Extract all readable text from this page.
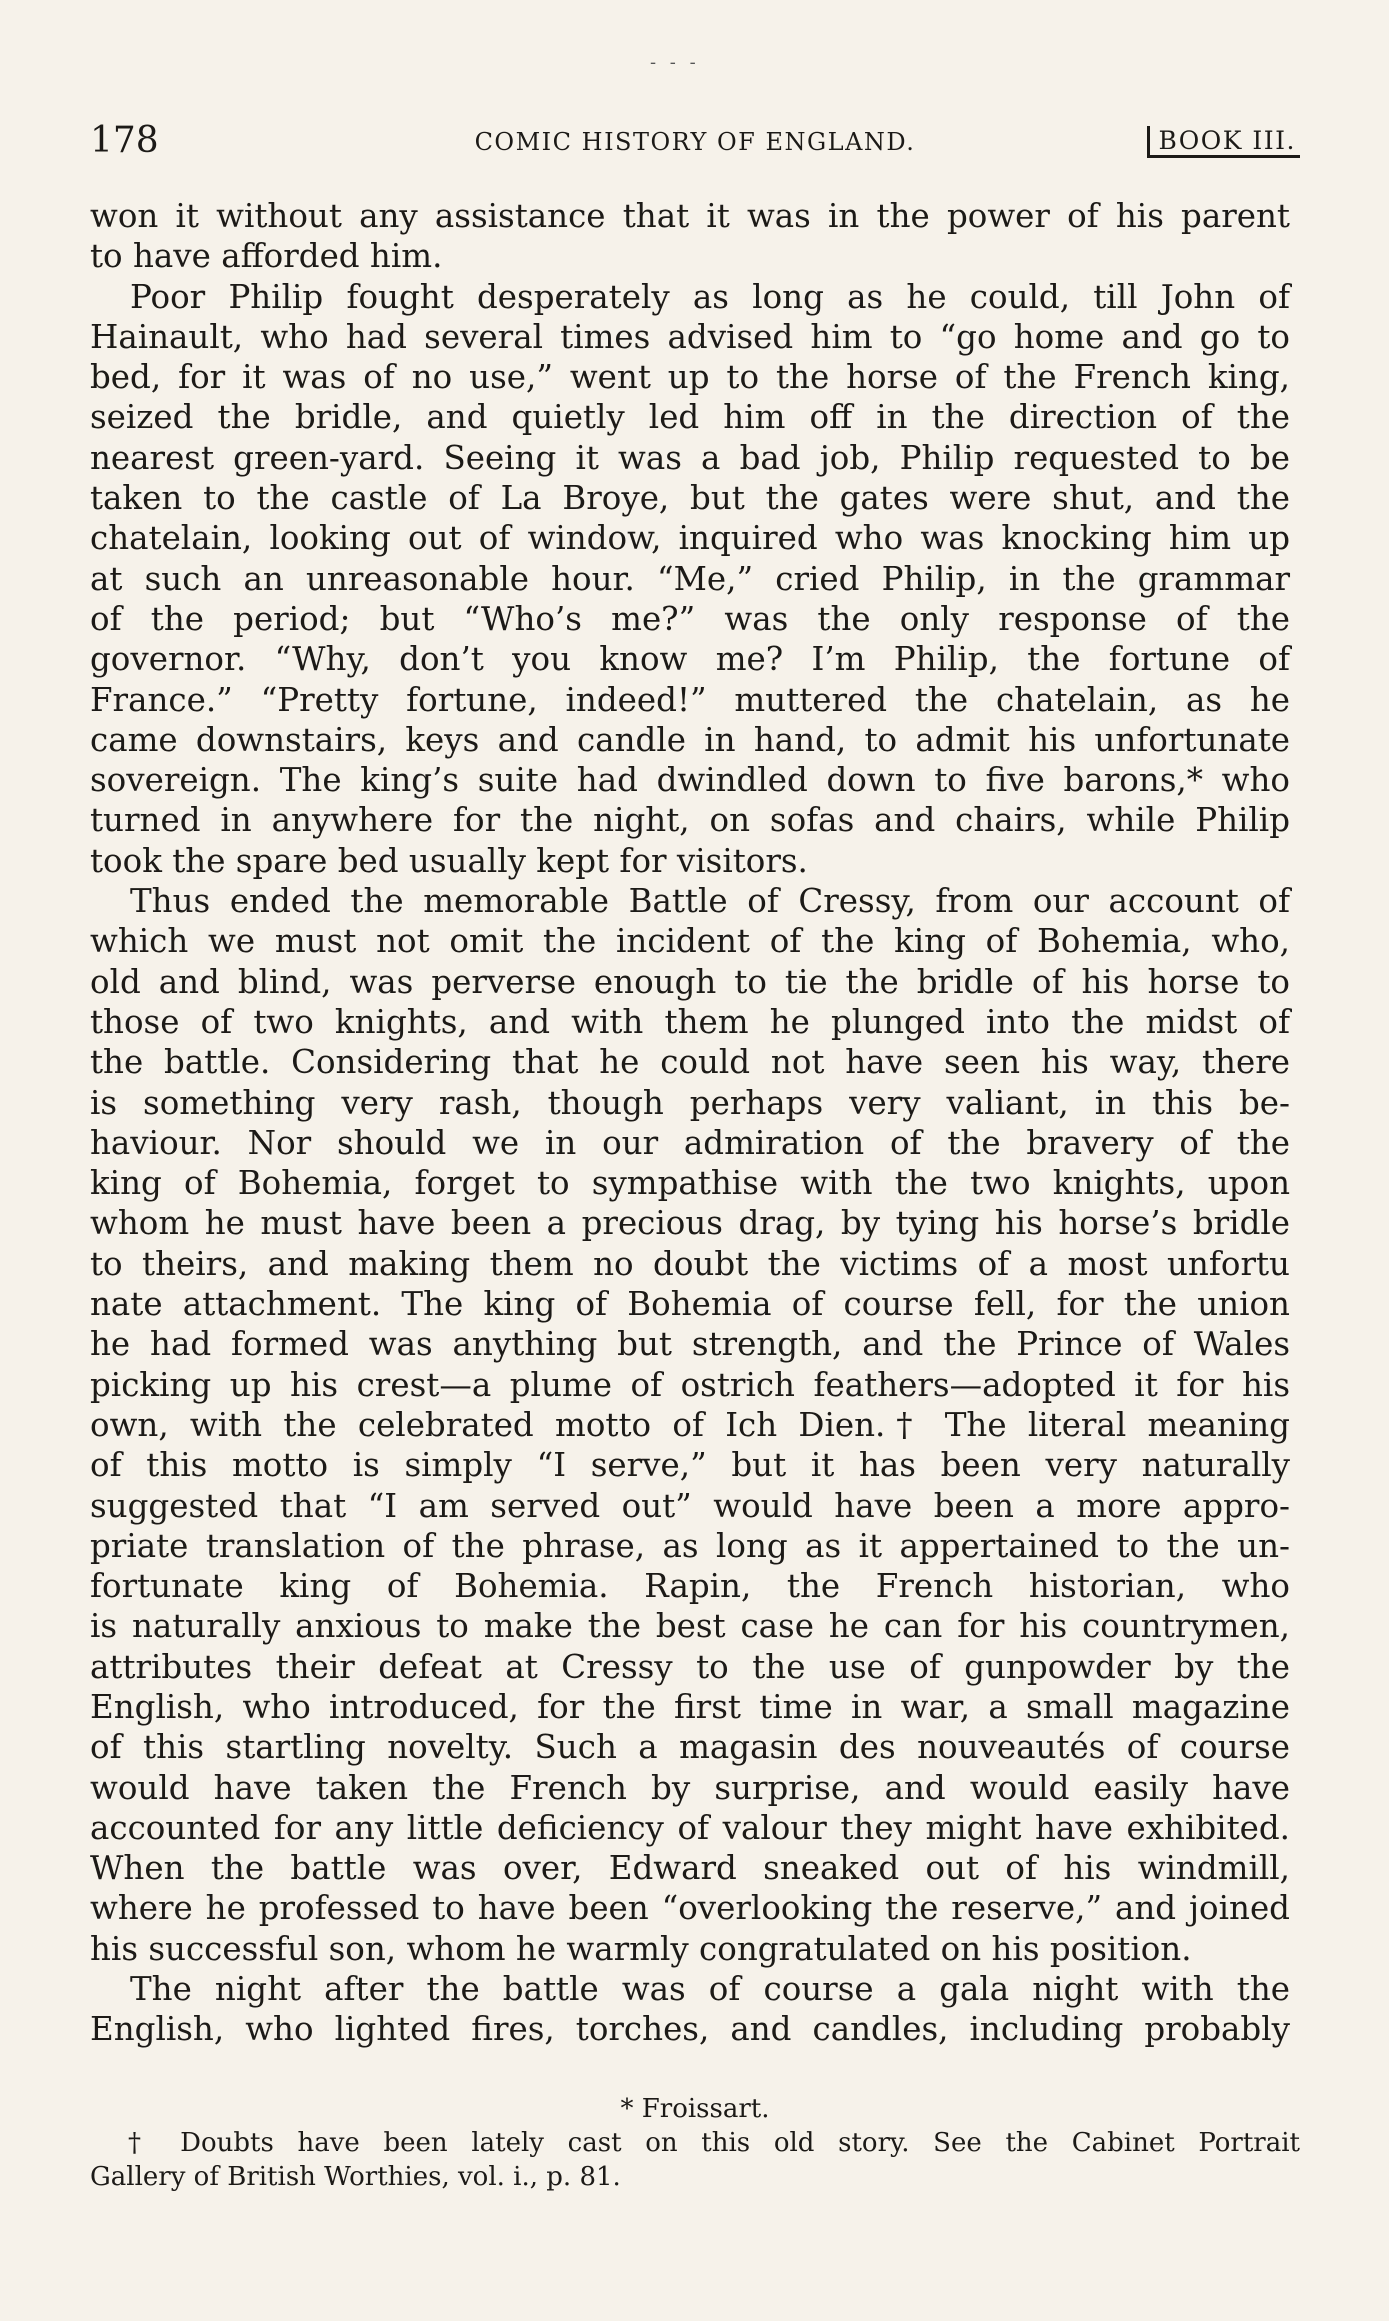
- - -
178	COMIC HISTORY OF ENGLAND.	BOOK III.
won it without any assistance that it was in the power of his parent
to have afforded him.
Poor Philip fought desperately as long as he could, till John of
Hainault, who had several times advised him to “go home and go to
bed, for it was of no use,” went up to the horse of the French king,
seized the bridle, and quietly led him off in the direction of the
nearest green-yard. Seeing it was a bad job, Philip requested to be
taken to the castle of La Broye, but the gates were shut, and the
chatelain, looking out of window, inquired who was knocking him up
at such an unreasonable hour. “Me,” cried Philip, in the grammar
of the period; but “Who’s me?” was the only response of the
governor. “Why, don’t you know me? I’m Philip, the fortune of
France.” “Pretty fortune, indeed!” muttered the chatelain, as he
came downstairs, keys and candle in hand, to admit his unfortunate
sovereign. The king’s suite had dwindled down to five barons,* who
turned in anywhere for the night, on sofas and chairs, while Philip
took the spare bed usually kept for visitors.
Thus ended the memorable Battle of Cressy, from our account of
which we must not omit the incident of the king of Bohemia, who,
old and blind, was perverse enough to tie the bridle of his horse to
those of two knights, and with them he plunged into the midst of
the battle. Considering that he could not have seen his way, there
is something very rash, though perhaps very valiant, in this be-
haviour. Nor should we in our admiration of the bravery of the
king of Bohemia, forget to sympathise with the two knights, upon
whom he must have been a precious drag, by tying his horse’s bridle
to theirs, and making them no doubt the victims of a most unfortu
nate attachment. The king of Bohemia of course fell, for the union
he had formed was anything but strength, and the Prince of Wales
picking up his crest—a plume of ostrich feathers—adopted it for his
own, with the celebrated motto of Ich Dien.† The literal meaning
of this motto is simply “I serve,” but it has been very naturally
suggested that “I am served out” would have been a more appro-
priate translation of the phrase, as long as it appertained to the un-
fortunate king of Bohemia. Rapin, the French historian, who
is naturally anxious to make the best case he can for his countrymen,
attributes their defeat at Cressy to the use of gunpowder by the
English, who introduced, for the first time in war, a small magazine
of this startling novelty. Such a magasin des nouveautés of course
would have taken the French by surprise, and would easily have
accounted for any little deficiency of valour they might have exhibited.
When the battle was over, Edward sneaked out of his windmill,
where he professed to have been “overlooking the reserve,” and joined
his successful son, whom he warmly congratulated on his position.
The night after the battle was of course a gala night with the
English, who lighted fires, torches, and candles, including probably
* Froissart.
† Doubts have been lately cast on this old story. See the Cabinet Portrait
Gallery of British Worthies, vol. i., p. 81.
